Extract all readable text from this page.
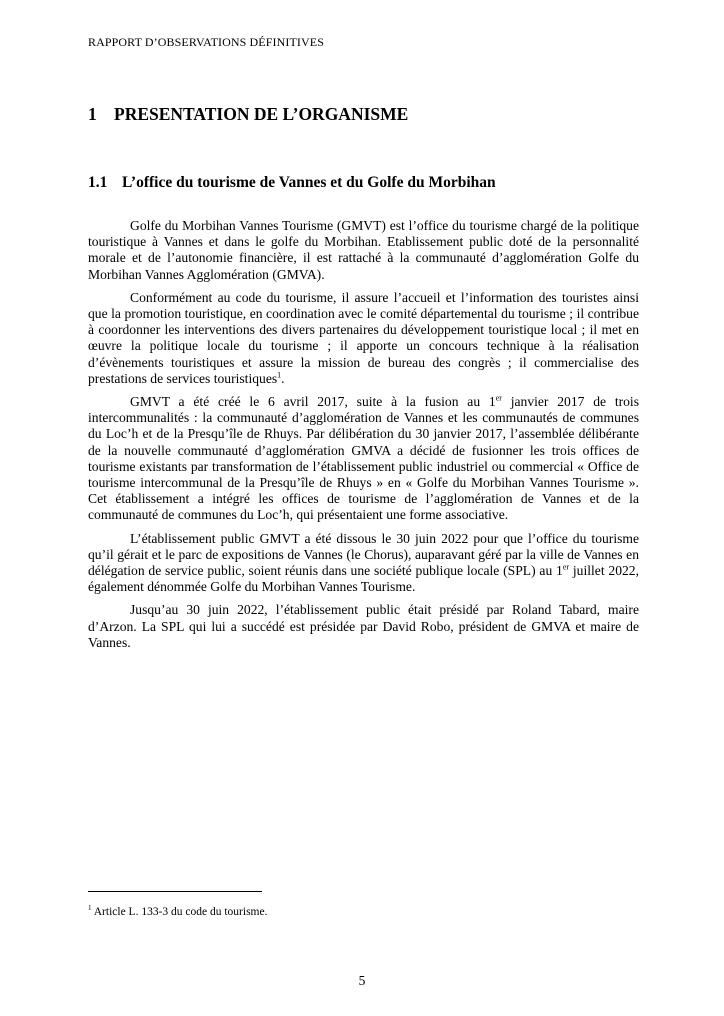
RAPPORT D’OBSERVATIONS DÉFINITIVES
1 PRESENTATION DE L’ORGANISME
1.1 L’office du tourisme de Vannes et du Golfe du Morbihan

Golfe du Morbihan Vannes Tourisme (GMVT) est l’office du tourisme chargé de la politique touristique à Vannes et dans le golfe du Morbihan. Etablissement public doté de la personnalité morale et de l’autonomie financière, il est rattaché à la communauté d’agglomération Golfe du Morbihan Vannes Agglomération (GMVA).

Conformément au code du tourisme, il assure l’accueil et l’information des touristes ainsi que la promotion touristique, en coordination avec le comité départemental du tourisme ; il contribue à coordonner les interventions des divers partenaires du développement touristique local ; il met en œuvre la politique locale du tourisme ; il apporte un concours technique à la réalisation d’évènements touristiques et assure la mission de bureau des congrès ; il commercialise des prestations de services touristiques$^1$.

GMVT a été créé le 6 avril 2017, suite à la fusion au 1er janvier 2017 de trois intercommunalités : la communauté d’agglomération de Vannes et les communautés de communes du Loc’h et de la Presqu’île de Rhuys. Par délibération du 30 janvier 2017, l’assemblée délibérante de la nouvelle communauté d’agglomération GMVA a décidé de fusionner les trois offices de tourisme existants par transformation de l’établissement public industriel ou commercial « Office de tourisme intercommunal de la Presqu’île de Rhuys » en « Golfe du Morbihan Vannes Tourisme ». Cet établissement a intégré les offices de tourisme de l’agglomération de Vannes et de la communauté de communes du Loc’h, qui présentaient une forme associative.

L’établissement public GMVT a été dissous le 30 juin 2022 pour que l’office du tourisme qu’il gérait et le parc de expositions de Vannes (le Chorus), auparavant géré par la ville de Vannes en délégation de service public, soient réunis dans une société publique locale (SPL) au 1er juillet 2022, également dénommée Golfe du Morbihan Vannes Tourisme.

Jusqu’au 30 juin 2022, l’établissement public était présidé par Roland Tabard, maire d’Arzon. La SPL qui lui a succédé est présidée par David Robo, président de GMVA et maire de Vannes.

$^1$ Article L. 133-3 du code du tourisme.
5
